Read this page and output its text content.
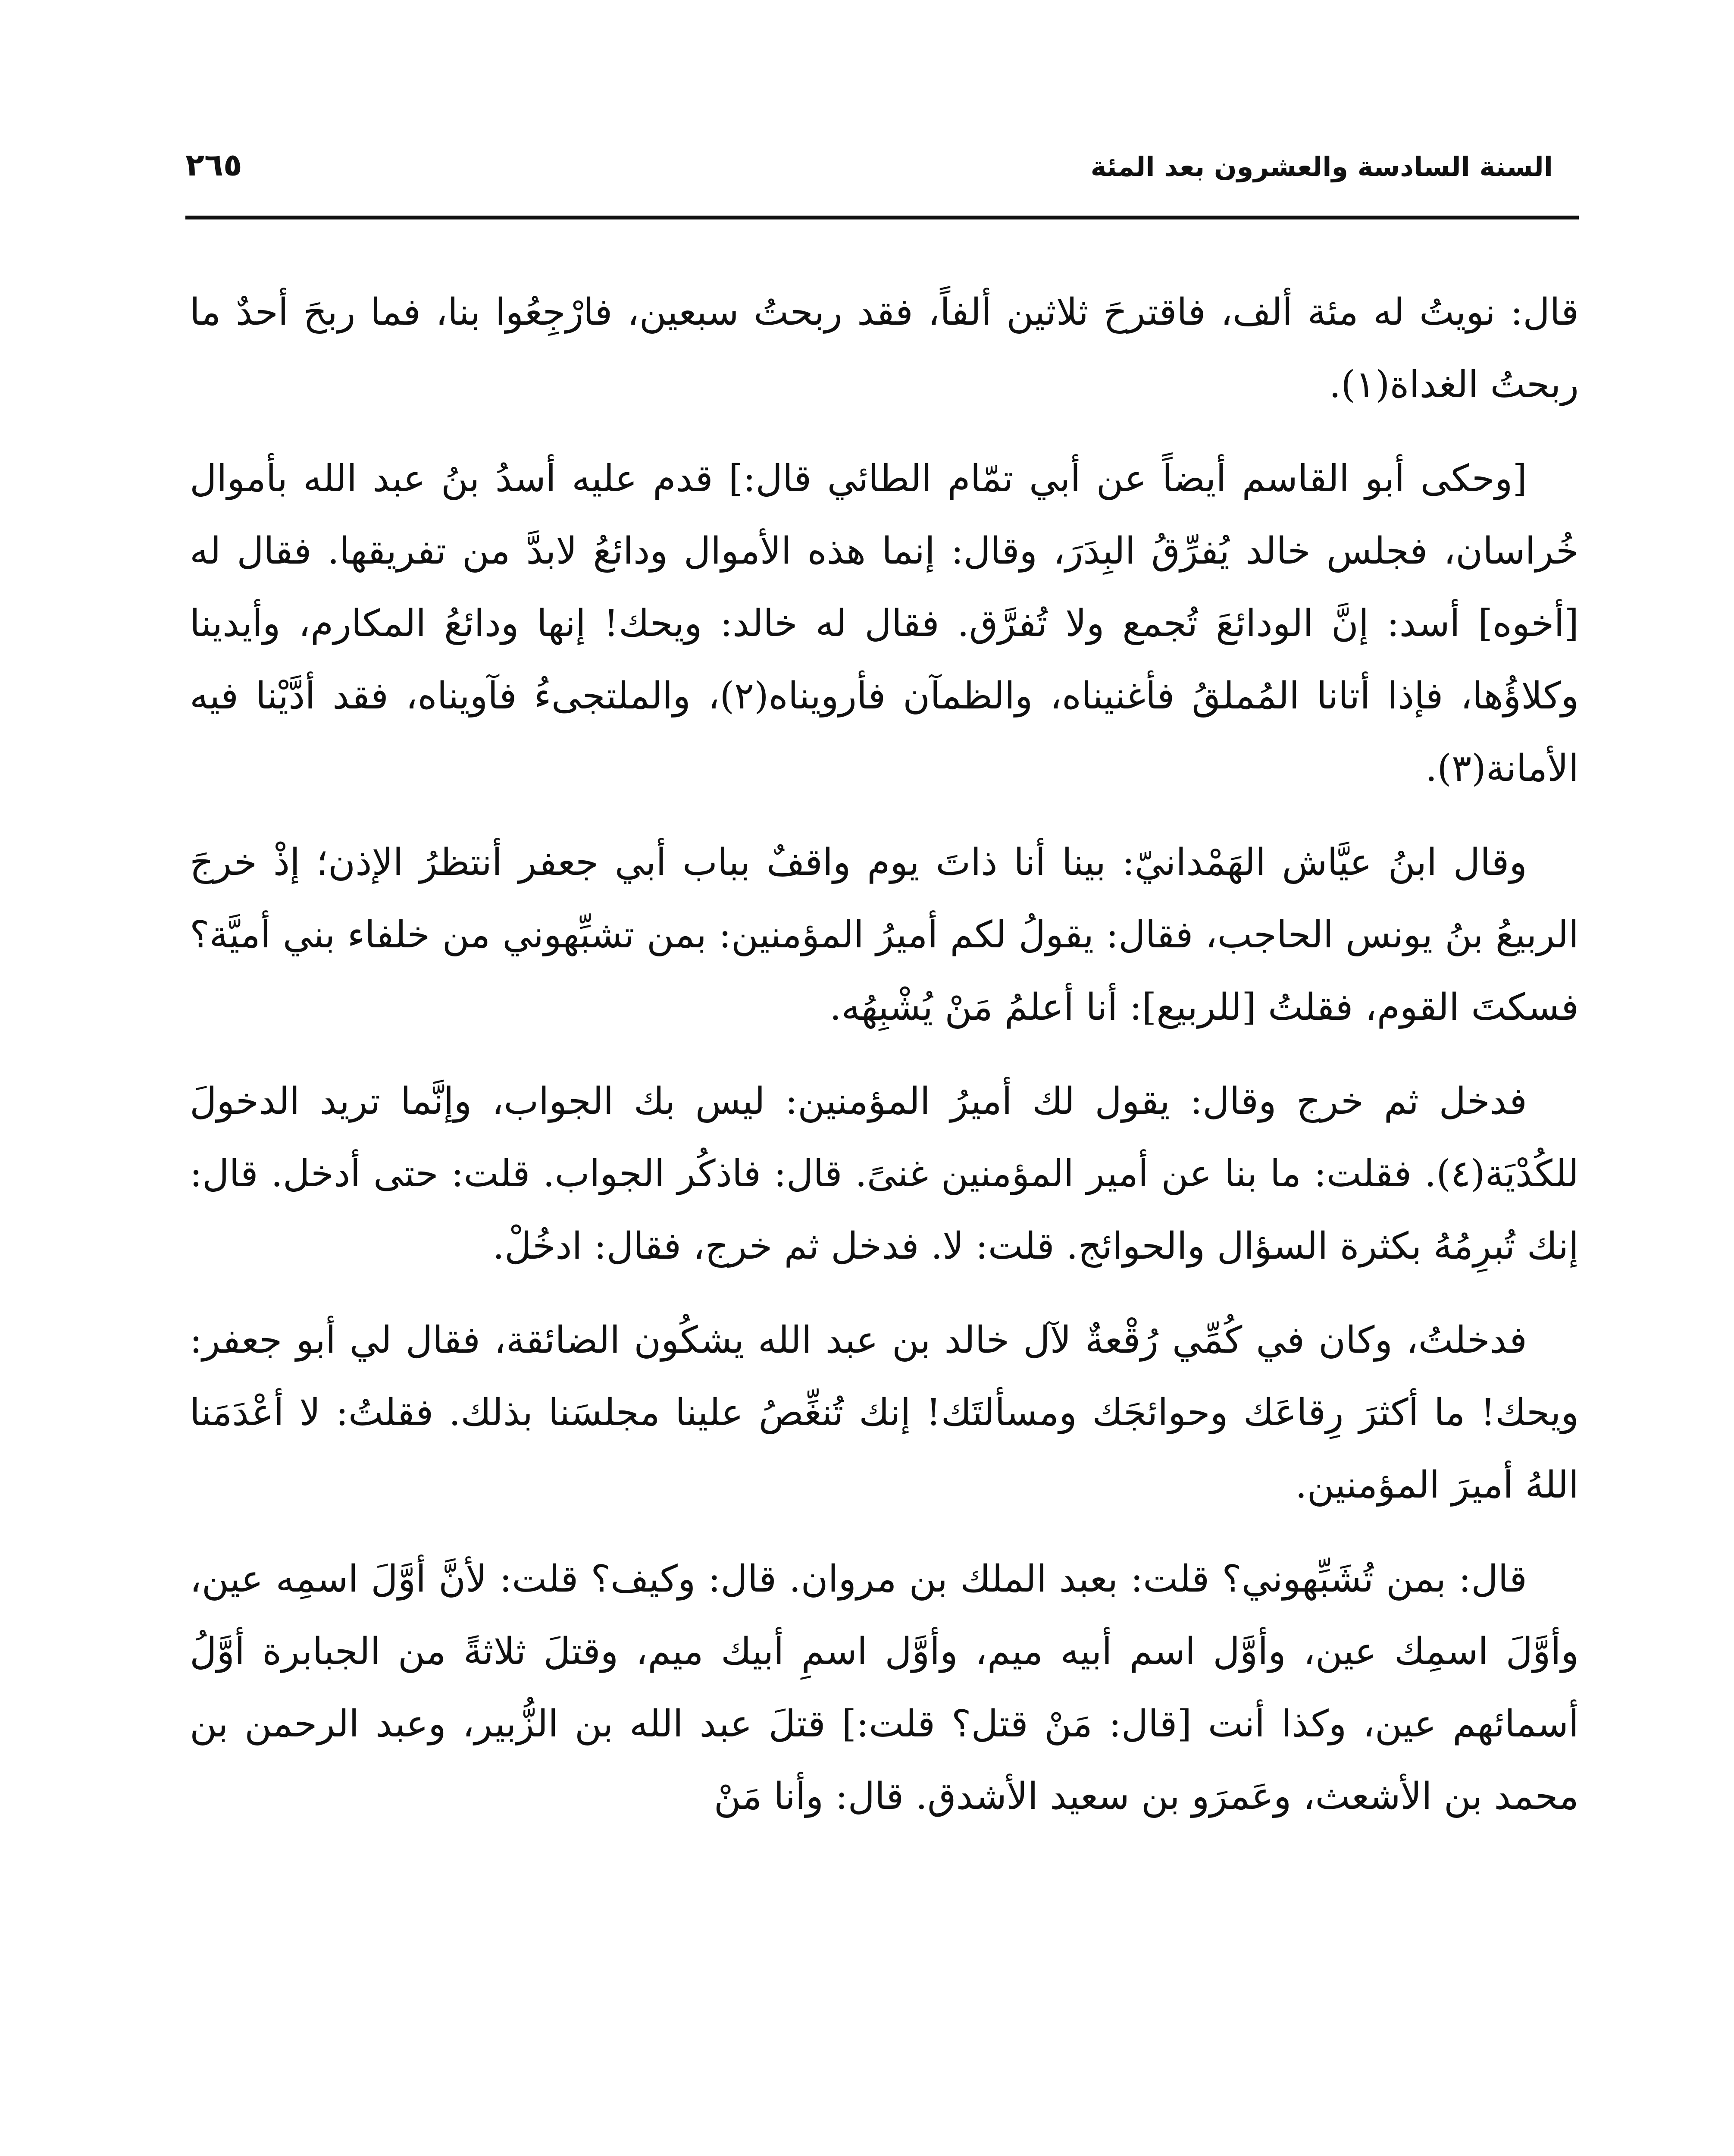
السنة السادسة والعشرون بعد المئة
٢٦٥

قال: نويتُ له مئة ألف، فاقترحَ ثلاثين ألفاً، فقد ربحتُ سبعين، فارْجِعُوا بنا، فما ربحَ أحدٌ ما ربحتُ الغداة(١).

[وحكى أبو القاسم أيضاً عن أبي تمّام الطائي قال:] قدم عليه أسدُ بنُ عبد الله بأموال خُراسان، فجلس خالد يُفرِّقُ البِدَرَ، وقال: إنما هذه الأموال ودائعُ لابدَّ من تفريقها. فقال له [أخوه] أسد: إنَّ الودائعَ تُجمع ولا تُفرَّق. فقال له خالد: ويحك! إنها ودائعُ المكارم، وأيدينا وكلاؤُها، فإذا أتانا المُملقُ فأغنيناه، والظمآن فأرويناه(٢)، والملتجىءُ فآويناه، فقد أدَّيْنا فيه الأمانة(٣).

وقال ابنُ عيَّاش الهَمْدانيّ: بينا أنا ذاتَ يوم واقفٌ بباب أبي جعفر أنتظرُ الإذن؛ إذْ خرجَ الربيعُ بنُ يونس الحاجب، فقال: يقولُ لكم أميرُ المؤمنين: بمن تشبِّهوني من خلفاء بني أميَّة؟ فسكتَ القوم، فقلتُ [للربيع]: أنا أعلمُ مَنْ يُشْبِهُه.

فدخل ثم خرج وقال: يقول لك أميرُ المؤمنين: ليس بك الجواب، وإنَّما تريد الدخولَ للكُدْيَة(٤). فقلت: ما بنا عن أمير المؤمنين غنىً. قال: فاذكُر الجواب. قلت: حتى أدخل. قال: إنك تُبرِمُهُ بكثرة السؤال والحوائج. قلت: لا. فدخل ثم خرج، فقال: ادخُلْ.

فدخلتُ، وكان في كُمِّي رُقْعةٌ لآل خالد بن عبد الله يشكُون الضائقة، فقال لي أبو جعفر: ويحك! ما أكثرَ رِقاعَك وحوائجَك ومسألتَك! إنك تُنغِّصُ علينا مجلسَنا بذلك. فقلتُ: لا أعْدَمَنا اللهُ أميرَ المؤمنين.

قال: بمن تُشَبِّهوني؟ قلت: بعبد الملك بن مروان. قال: وكيف؟ قلت: لأنَّ أوَّلَ اسمِه عين، وأوَّلَ اسمِك عين، وأوَّل اسم أبيه ميم، وأوَّل اسمِ أبيك ميم، وقتلَ ثلاثةً من الجبابرة أوَّلُ أسمائهم عين، وكذا أنت [قال: مَنْ قتل؟ قلت:] قتلَ عبد الله بن الزُّبير، وعبد الرحمن بن محمد بن الأشعث، وعَمرَو بن سعيد الأشدق. قال: وأنا مَنْ
